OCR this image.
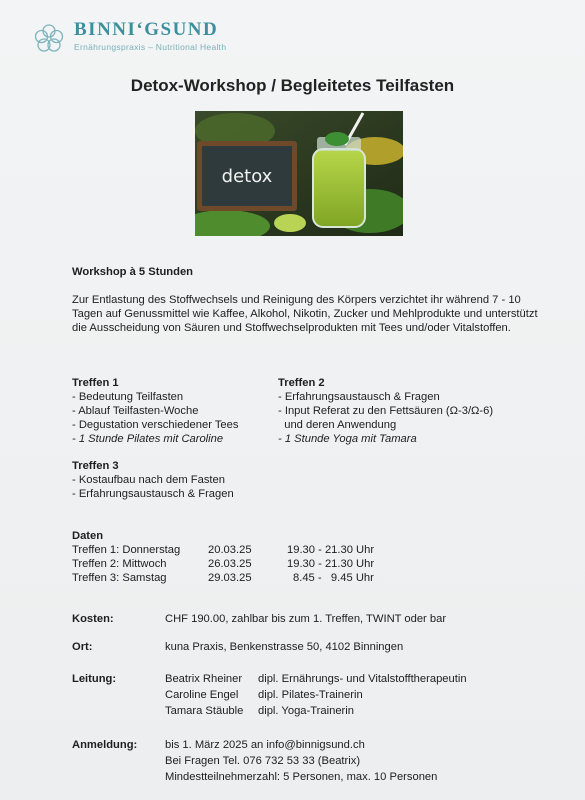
BINNI‘GSUND
Ernährungspraxis – Nutritional Health
Detox-Workshop / Begleitetes Teilfasten
detox
Workshop à 5 Stunden
Zur Entlastung des Stoffwechsels und Reinigung des Körpers verzichtet ihr während 7 - 10 Tagen auf Genussmittel wie Kaffee, Alkohol, Nikotin, Zucker und Mehlprodukte und unterstützt die Ausscheidung von Säuren und Stoffwechselprodukten mit Tees und/oder Vitalstoffen.
Treffen 1
- Bedeutung Teilfasten
- Ablauf Teilfasten-Woche
- Degustation verschiedener Tees
- 1 Stunde Pilates mit Caroline
Treffen 2
- Erfahrungsaustausch & Fragen
- Input Referat zu den Fettsäuren (Ω-3/Ω-6)
und deren Anwendung
- 1 Stunde Yoga mit Tamara
Treffen 3
- Kostaufbau nach dem Fasten
- Erfahrungsaustausch & Fragen
Daten
Treffen 1: Donnerstag 20.03.25	19.30 - 21.30 Uhr
Treffen 2: Mittwoch	26.03.25	19.30 - 21.30 Uhr
Treffen 3: Samstag	29.03.25	8.45 -   9.45 Uhr
Kosten:	CHF 190.00, zahlbar bis zum 1. Treffen, TWINT oder bar
Ort:	kuna Praxis, Benkenstrasse 50, 4102 Binningen
Leitung:	Beatrix Rheiner dipl. Ernährungs- und Vitalstofftherapeutin
Caroline Engel dipl. Pilates-Trainerin
Tamara Stäuble dipl. Yoga-Trainerin
Anmeldung: bis 1. März 2025 an info@binnigsund.ch
Bei Fragen Tel. 076 732 53 33 (Beatrix)
Mindestteilnehmerzahl: 5 Personen, max. 10 Personen
